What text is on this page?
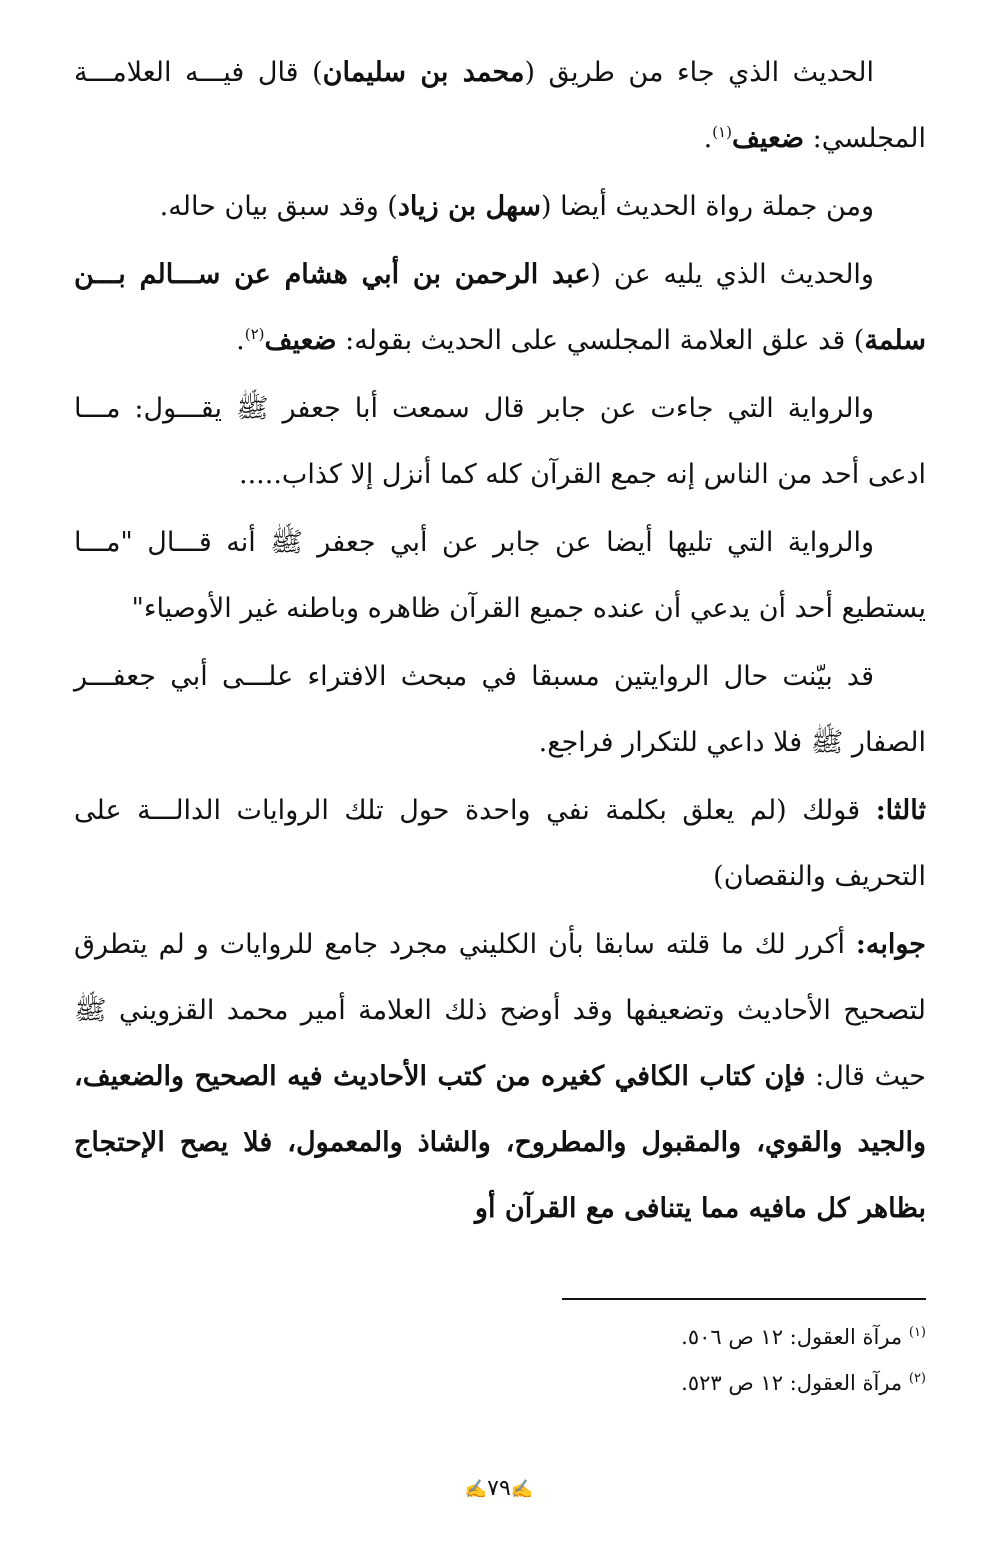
الحديث الذي جاء من طريق (محمد بن سليمان) قال فيـــه العلامـــة المجلسي: ضعيف$^{(١)}$.

ومن جملة رواة الحديث أيضا (سهل بن زياد) وقد سبق بيان حاله.

والحديث الذي يليه عن (عبد الرحمن بن أبي هشام عن ســـالم بـــن سلمة) قد علق العلامة المجلسي على الحديث بقوله: ضعيف$^{(٢)}$.

والرواية التي جاءت عن جابر قال سمعت أبا جعفر ﷺ يقـــول: مـــا ادعى أحد من الناس إنه جمع القرآن كله كما أنزل إلا كذاب.....

والرواية التي تليها أيضا عن جابر عن أبي جعفر ﷺ أنه قـــال "مـــا يستطيع أحد أن يدعي أن عنده جميع القرآن ظاهره وباطنه غير الأوصياء"

قد بيّنت حال الروايتين مسبقا في مبحث الافتراء علـــى أبي جعفـــر الصفار ﷺ فلا داعي للتكرار فراجع.

ثالثا: قولك (لم يعلق بكلمة نفي واحدة حول تلك الروايات الدالـــة على التحريف والنقصان)

جوابه: أكرر لك ما قلته سابقا بأن الكليني مجرد جامع للروايات و لم يتطرق لتصحيح الأحاديث وتضعيفها وقد أوضح ذلك العلامة أمير محمد القزويني ﷺ حيث قال: فإن كتاب الكافي كغيره من كتب الأحاديث فيه الصحيح والضعيف، والجيد والقوي، والمقبول والمطروح، والشاذ والمعمول، فلا يصح الإحتجاج بظاهر كل مافيه مما يتنافى مع القرآن أو

$^{(١)}$ مرآة العقول: ١٢ ص ٥٠٦.
$^{(٢)}$ مرآة العقول: ١٢ ص ٥٢٣.
✍٧٩✍
